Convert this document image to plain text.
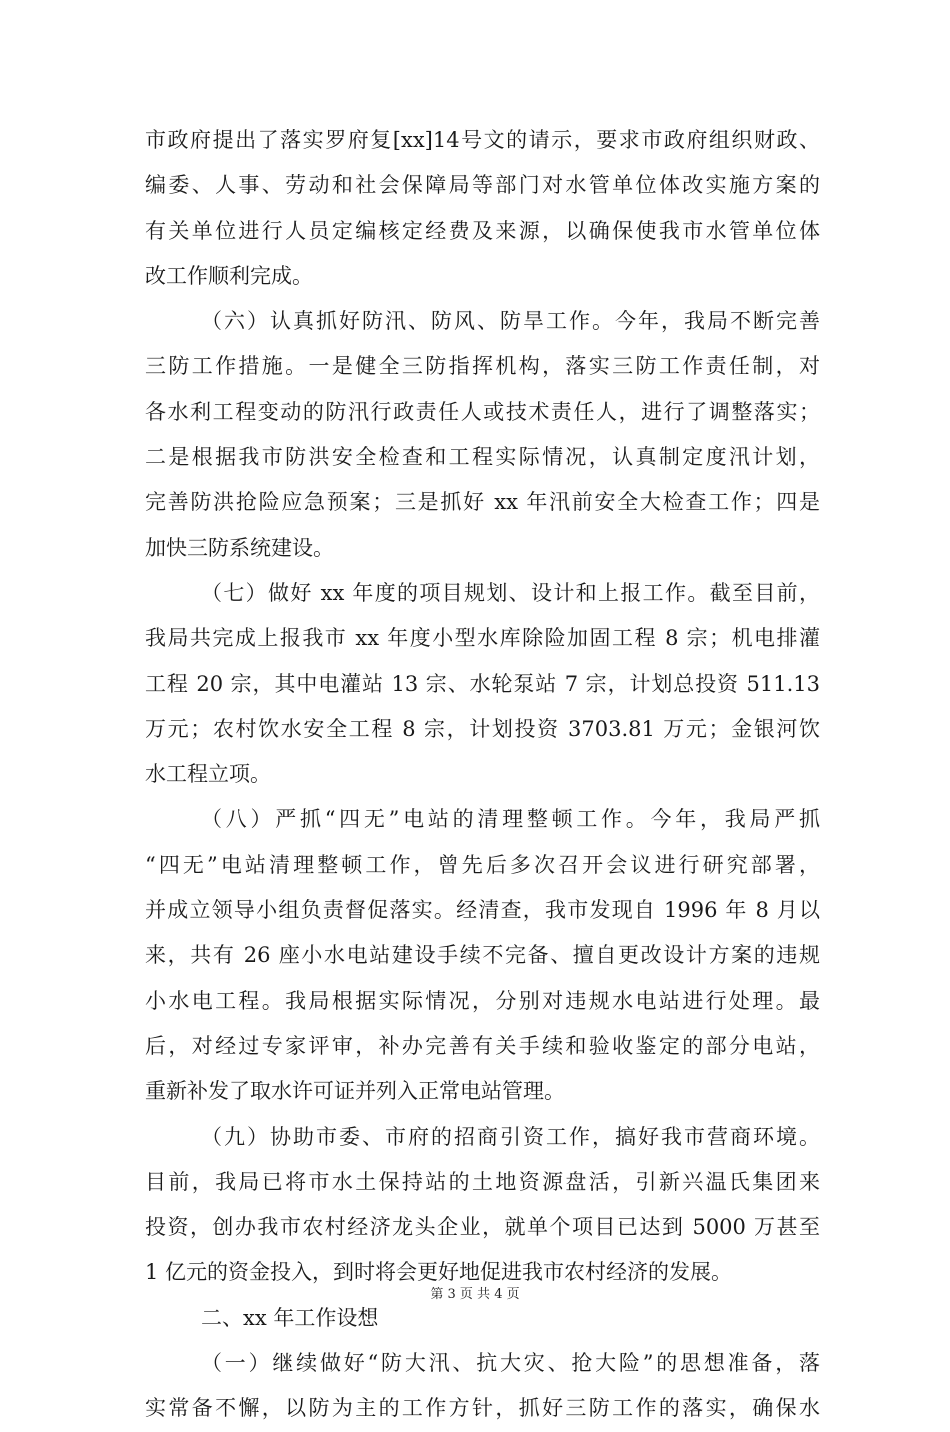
市政府提出了落实罗府复[xx]14号文的请示，要求市政府组织财政、
编委、人事、劳动和社会保障局等部门对水管单位体改实施方案的
有关单位进行人员定编核定经费及来源，以确保使我市水管单位体
改工作顺利完成。
（六）认真抓好防汛、防风、防旱工作。今年，我局不断完善
三防工作措施。一是健全三防指挥机构，落实三防工作责任制，对
各水利工程变动的防汛行政责任人或技术责任人，进行了调整落实；
二是根据我市防洪安全检查和工程实际情况，认真制定度汛计划，
完善防洪抢险应急预案；三是抓好 xx 年汛前安全大检查工作；四是
加快三防系统建设。
（七）做好 xx 年度的项目规划、设计和上报工作。截至目前，
我局共完成上报我市 xx 年度小型水库除险加固工程 8 宗；机电排灌
工程 20 宗，其中电灌站 13 宗、水轮泵站 7 宗，计划总投资 511.13
万元；农村饮水安全工程 8 宗，计划投资 3703.81 万元；金银河饮
水工程立项。
（八）严抓“四无”电站的清理整顿工作。今年，我局严抓
“四无”电站清理整顿工作，曾先后多次召开会议进行研究部署，
并成立领导小组负责督促落实。经清查，我市发现自 1996 年 8 月以
来，共有 26 座小水电站建设手续不完备、擅自更改设计方案的违规
小水电工程。我局根据实际情况，分别对违规水电站进行处理。最
后，对经过专家评审，补办完善有关手续和验收鉴定的部分电站，
重新补发了取水许可证并列入正常电站管理。
（九）协助市委、市府的招商引资工作，搞好我市营商环境。
目前，我局已将市水土保持站的土地资源盘活，引新兴温氏集团来
投资，创办我市农村经济龙头企业，就单个项目已达到 5000 万甚至
1 亿元的资金投入，到时将会更好地促进我市农村经济的发展。
二、xx 年工作设想
（一）继续做好“防大汛、抗大灾、抢大险”的思想准备，落
实常备不懈，以防为主的工作方针，抓好三防工作的落实，确保水
第 3 页 共 4 页
